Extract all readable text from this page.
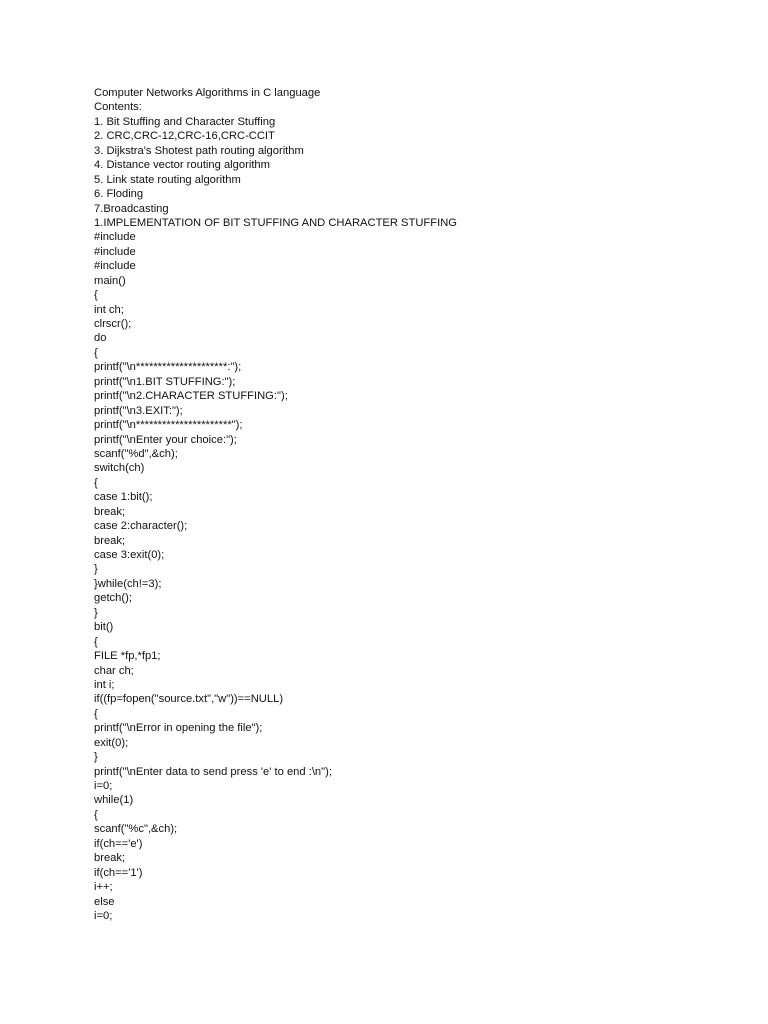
Computer Networks Algorithms in C language
Contents:
1. Bit Stuffing and Character Stuffing
2. CRC,CRC-12,CRC-16,CRC-CCIT
3. Dijkstra's Shotest path routing algorithm
4. Distance vector routing algorithm
5. Link state routing algorithm
6. Floding
7.Broadcasting
1.IMPLEMENTATION OF BIT STUFFING AND CHARACTER STUFFING
#include
#include
#include
main()
{
int ch;
clrscr();
do
{
printf("\n*********************:");
printf("\n1.BIT STUFFING:");
printf("\n2.CHARACTER STUFFING:");
printf("\n3.EXIT:");
printf("\n**********************");
printf("\nEnter your choice:");
scanf("%d",&ch);
switch(ch)
{
case 1:bit();
break;
case 2:character();
break;
case 3:exit(0);
}
}while(ch!=3);
getch();
}
bit()
{
FILE *fp,*fp1;
char ch;
int i;
if((fp=fopen("source.txt","w"))==NULL)
{
printf("\nError in opening the file");
exit(0);
}
printf("\nEnter data to send press 'e' to end :\n");
i=0;
while(1)
{
scanf("%c",&ch);
if(ch=='e')
break;
if(ch=='1')
i++;
else
i=0;
